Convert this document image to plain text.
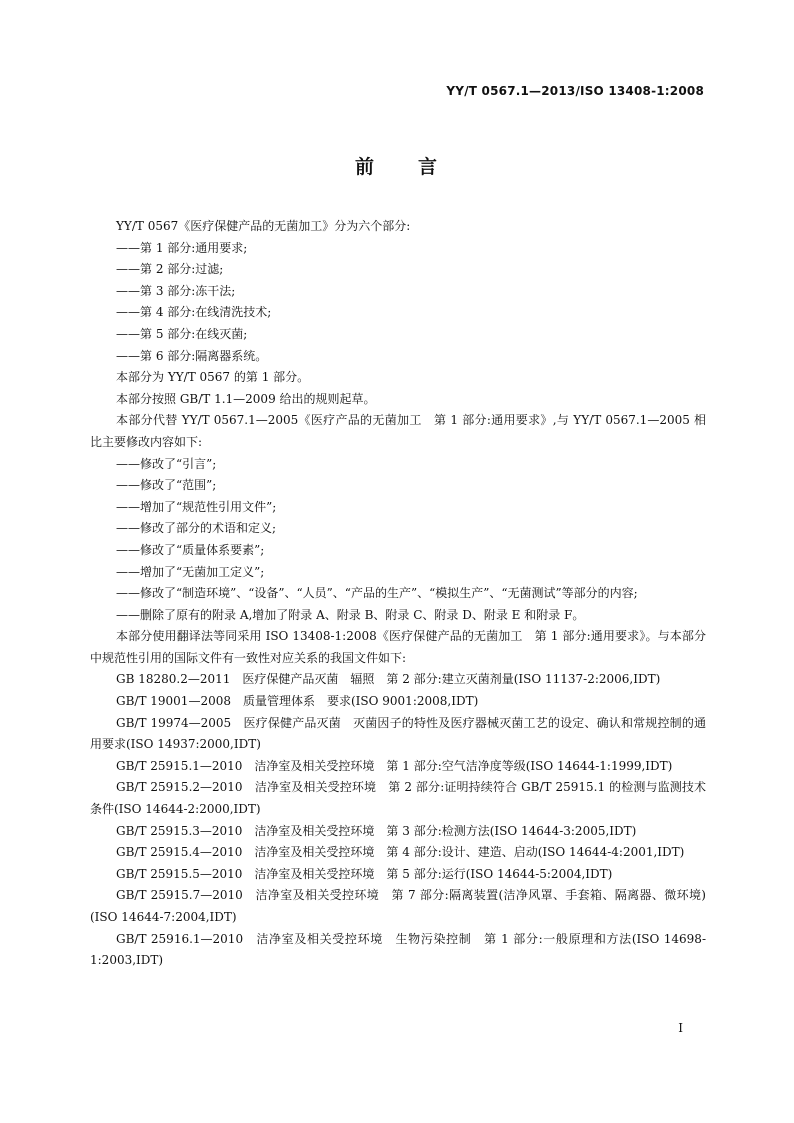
YY/T 0567.1—2013/ISO 13408-1:2008
前 言

YY/T 0567《医疗保健产品的无菌加工》分为六个部分:

——第 1 部分:通用要求;

——第 2 部分:过滤;

——第 3 部分:冻干法;

——第 4 部分:在线清洗技术;

——第 5 部分:在线灭菌;

——第 6 部分:隔离器系统。

本部分为 YY/T 0567 的第 1 部分。

本部分按照 GB/T 1.1—2009 给出的规则起草。

本部分代替 YY/T 0567.1—2005《医疗产品的无菌加工　第 1 部分:通用要求》,与 YY/T 0567.1—2005 相比主要修改内容如下:

——修改了“引言”;

——修改了“范围”;

——增加了“规范性引用文件”;

——修改了部分的术语和定义;

——修改了“质量体系要素”;

——增加了“无菌加工定义”;

——修改了“制造环境”、“设备”、“人员”、“产品的生产”、“模拟生产”、“无菌测试”等部分的内容;

——删除了原有的附录 A,增加了附录 A、附录 B、附录 C、附录 D、附录 E 和附录 F。

本部分使用翻译法等同采用 ISO 13408-1:2008《医疗保健产品的无菌加工　第 1 部分:通用要求》。与本部分中规范性引用的国际文件有一致性对应关系的我国文件如下:

GB 18280.2—2011　医疗保健产品灭菌　辐照　第 2 部分:建立灭菌剂量(ISO 11137-2:2006,IDT)

GB/T 19001—2008　质量管理体系　要求(ISO 9001:2008,IDT)

GB/T 19974—2005　医疗保健产品灭菌　灭菌因子的特性及医疗器械灭菌工艺的设定、确认和常规控制的通用要求(ISO 14937:2000,IDT)

GB/T 25915.1—2010　洁净室及相关受控环境　第 1 部分:空气洁净度等级(ISO 14644-1:1999,IDT)

GB/T 25915.2—2010　洁净室及相关受控环境　第 2 部分:证明持续符合 GB/T 25915.1 的检测与监测技术条件(ISO 14644-2:2000,IDT)

GB/T 25915.3—2010　洁净室及相关受控环境　第 3 部分:检测方法(ISO 14644-3:2005,IDT)

GB/T 25915.4—2010　洁净室及相关受控环境　第 4 部分:设计、建造、启动(ISO 14644-4:2001,IDT)

GB/T 25915.5—2010　洁净室及相关受控环境　第 5 部分:运行(ISO 14644-5:2004,IDT)

GB/T 25915.7—2010　洁净室及相关受控环境　第 7 部分:隔离装置(洁净风罩、手套箱、隔离器、微环境)(ISO 14644-7:2004,IDT)

GB/T 25916.1—2010　洁净室及相关受控环境　生物污染控制　第 1 部分:一般原理和方法(ISO 14698-1:2003,IDT)

I
